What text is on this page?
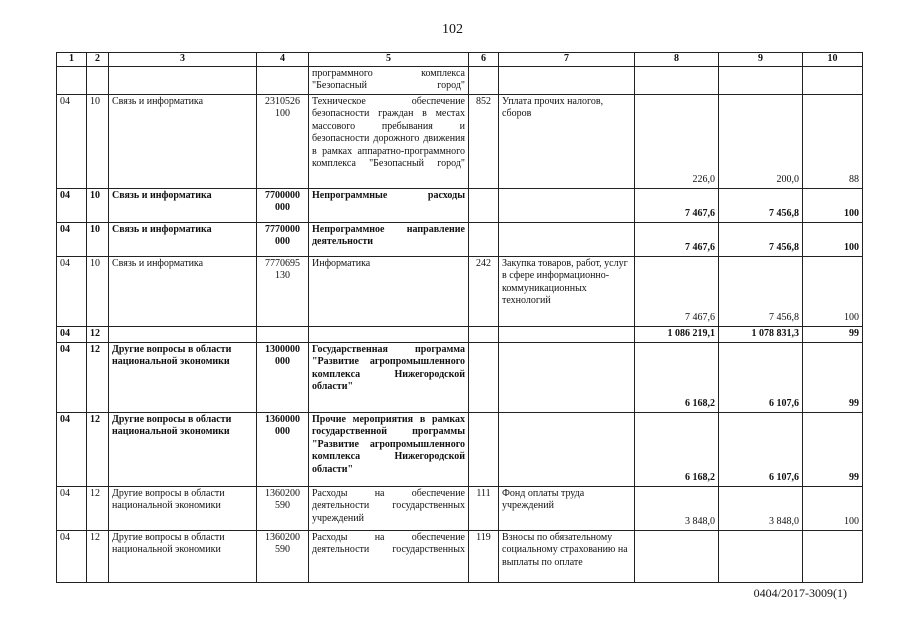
102
1	2	3	4	5	6	7	8	9	10
				программного комплекса "Безопасный город"					
04	10	Связь и информатика	2310526 100	Техническое обеспечение безопасности граждан в местах массового пребывания и безопасности дорожного движения в рамках аппаратно-программного комплекса "Безопасный город"	852	Уплата прочих налогов, сборов	226,0	200,0	88
04	10	Связь и информатика	7700000 000	Непрограммные расходы			7 467,6	7 456,8	100
04	10	Связь и информатика	7770000 000	Непрограммное направление деятельности			7 467,6	7 456,8	100
04	10	Связь и информатика	7770695 130	Информатика	242	Закупка товаров, работ, услуг в сфере информационно-коммуникационных технологий	7 467,6	7 456,8	100
04	12						1 086 219,1	1 078 831,3	99
04	12	Другие вопросы в области национальной экономики	1300000 000	Государственная программа "Развитие агропромышленного комплекса Нижегородской области"			6 168,2	6 107,6	99
04	12	Другие вопросы в области национальной экономики	1360000 000	Прочие мероприятия в рамках государственной программы "Развитие агропромышленного комплекса Нижегородской области"			6 168,2	6 107,6	99
04	12	Другие вопросы в области национальной экономики	1360200 590	Расходы на обеспечение деятельности государственных учреждений	111	Фонд оплаты труда учреждений	3 848,0	3 848,0	100
04	12	Другие вопросы в области национальной экономики	1360200 590	Расходы на обеспечение деятельности государственных	119	Взносы по обязательному социальному страхованию на выплаты по оплате			
0404/2017-3009(1)
